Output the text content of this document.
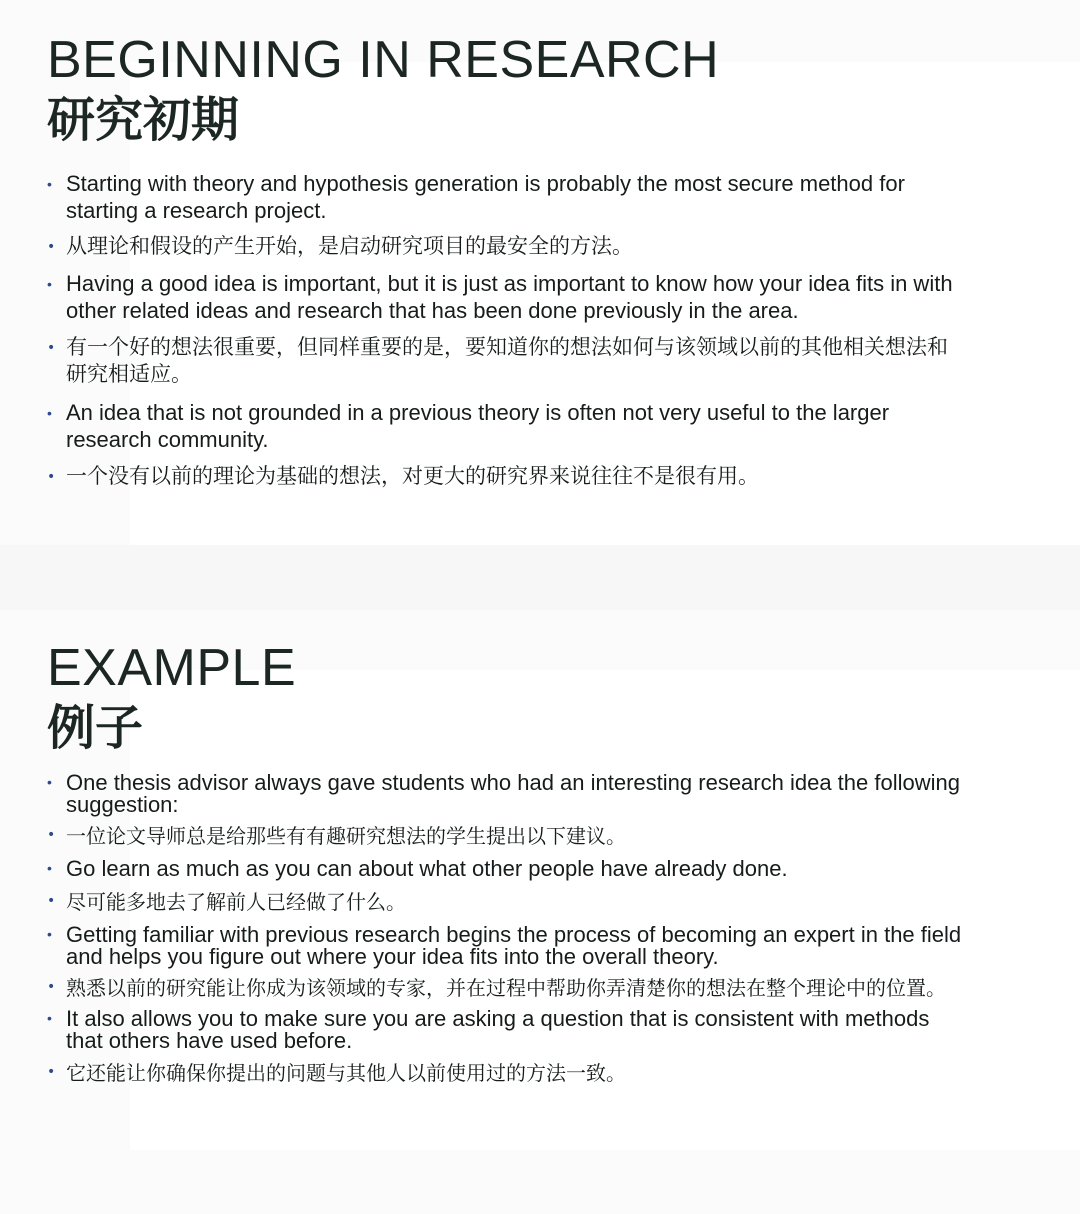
BEGINNING IN RESEARCH
研究初期
• Starting with theory and hypothesis generation is probably the most secure method for starting a research project.
• 从理论和假设的产生开始，是启动研究项目的最安全的方法。
• Having a good idea is important, but it is just as important to know how your idea fits in with other related ideas and research that has been done previously in the area.
• 有一个好的想法很重要，但同样重要的是，要知道你的想法如何与该领域以前的其他相关想法和研究相适应。
• An idea that is not grounded in a previous theory is often not very useful to the larger research community.
• 一个没有以前的理论为基础的想法，对更大的研究界来说往往不是很有用。
EXAMPLE
例子
• One thesis advisor always gave students who had an interesting research idea the following suggestion:
• 一位论文导师总是给那些有有趣研究想法的学生提出以下建议。
• Go learn as much as you can about what other people have already done.
• 尽可能多地去了解前人已经做了什么。
• Getting familiar with previous research begins the process of becoming an expert in the field and helps you figure out where your idea fits into the overall theory.
• 熟悉以前的研究能让你成为该领域的专家，并在过程中帮助你弄清楚你的想法在整个理论中的位置。
• It also allows you to make sure you are asking a question that is consistent with methods that others have used before.
• 它还能让你确保你提出的问题与其他人以前使用过的方法一致。
